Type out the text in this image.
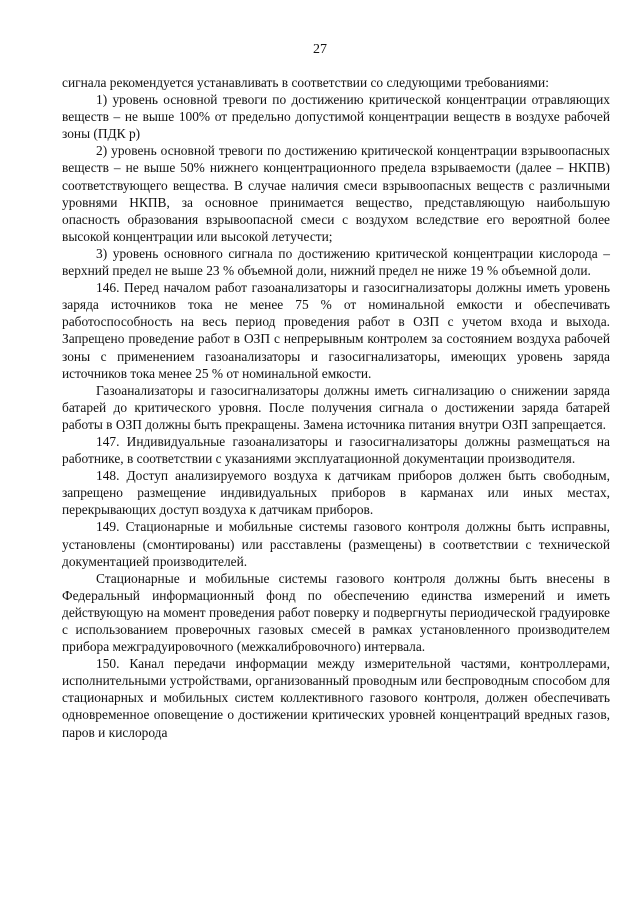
27

сигнала рекомендуется устанавливать в соответствии со следующими требованиями:

1) уровень основной тревоги по достижению критической концентрации отравляющих веществ – не выше 100% от предельно допустимой концентрации веществ в воздухе рабочей зоны (ПДК р)

2) уровень основной тревоги по достижению критической концентрации взрывоопасных веществ – не выше 50% нижнего концентрационного предела взрываемости (далее – НКПВ) соответствующего вещества. В случае наличия смеси взрывоопасных веществ с различными уровнями НКПВ, за основное принимается вещество, представляющую наибольшую опасность образования взрывоопасной смеси с воздухом вследствие его вероятной более высокой концентрации или высокой летучести;

3) уровень основного сигнала по достижению критической концентрации кислорода – верхний предел не выше 23 % объемной доли, нижний предел не ниже 19 % объемной доли.

146. Перед началом работ газоанализаторы и газосигнализаторы должны иметь уровень заряда источников тока не менее 75 % от номинальной емкости и обеспечивать работоспособность на весь период проведения работ в ОЗП с учетом входа и выхода. Запрещено проведение работ в ОЗП с непрерывным контролем за состоянием воздуха рабочей зоны с применением газоанализаторы и газосигнализаторы, имеющих уровень заряда источников тока менее 25 % от номинальной емкости.

Газоанализаторы и газосигнализаторы должны иметь сигнализацию о снижении заряда батарей до критического уровня. После получения сигнала о достижении заряда батарей работы в ОЗП должны быть прекращены. Замена источника питания внутри ОЗП запрещается.

147. Индивидуальные газоанализаторы и газосигнализаторы должны размещаться на работнике, в соответствии с указаниями эксплуатационной документации производителя.

148. Доступ анализируемого воздуха к датчикам приборов должен быть свободным, запрещено размещение индивидуальных приборов в карманах или иных местах, перекрывающих доступ воздуха к датчикам приборов.

149. Стационарные и мобильные системы газового контроля должны быть исправны, установлены (смонтированы) или расставлены (размещены) в соответствии с технической документацией производителей.

Стационарные и мобильные системы газового контроля должны быть внесены в Федеральный информационный фонд по обеспечению единства измерений и иметь действующую на момент проведения работ поверку и подвергнуты периодической градуировке с использованием проверочных газовых смесей в рамках установленного производителем прибора межградуировочного (межкалибровочного) интервала.

150. Канал передачи информации между измерительной частями, контроллерами, исполнительными устройствами, организованный проводным или беспроводным способом для стационарных и мобильных систем коллективного газового контроля, должен обеспечивать одновременное оповещение о достижении критических уровней концентраций вредных газов, паров и кислорода
